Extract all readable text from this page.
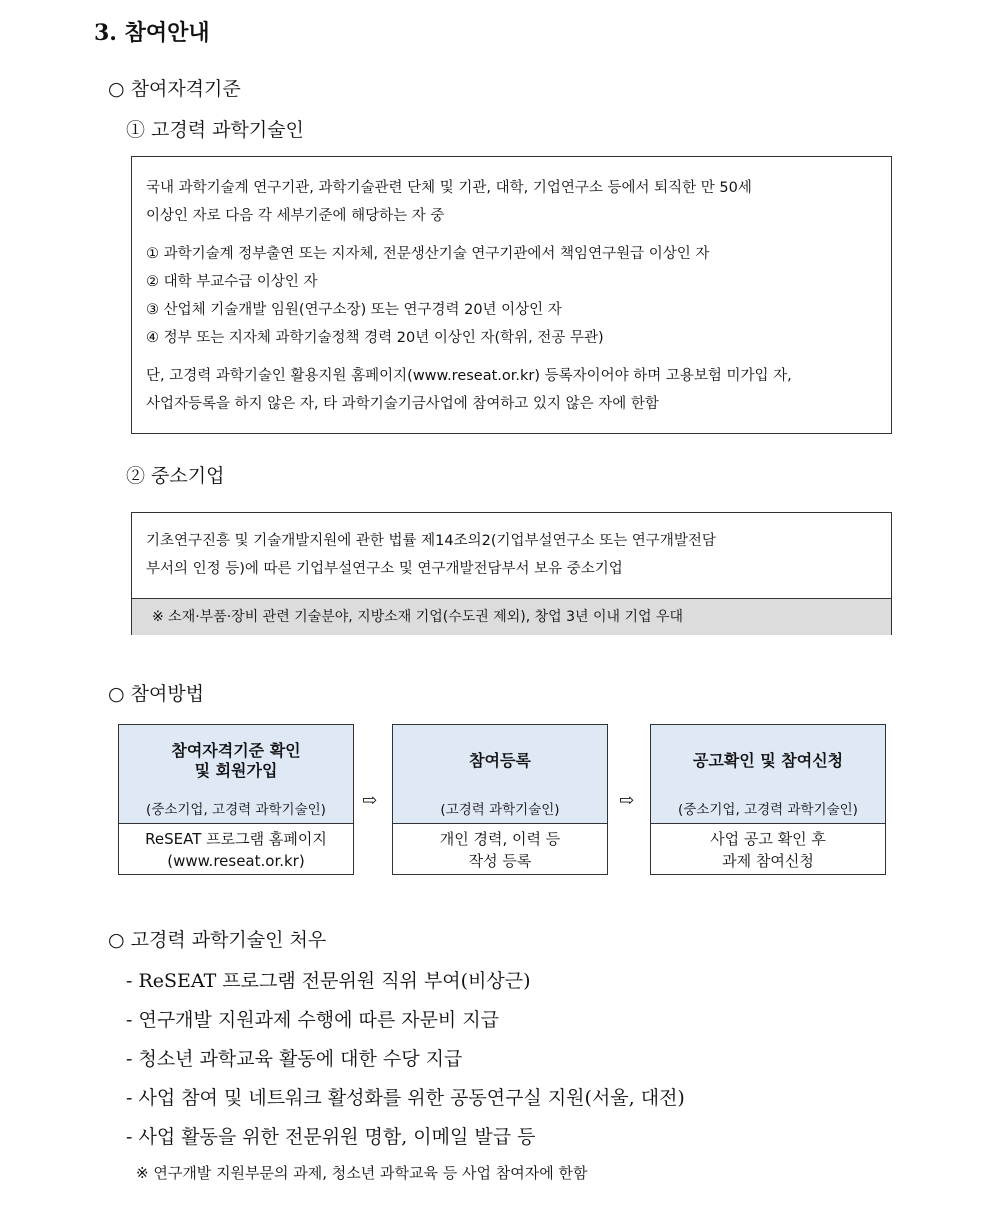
3. 참여안내
○ 참여자격기준
① 고경력 과학기술인
국내 과학기술계 연구기관, 과학기술관련 단체 및 기관, 대학, 기업연구소 등에서 퇴직한 만 50세
이상인 자로 다음 각 세부기준에 해당하는 자 중
① 과학기술계 정부출연 또는 지자체, 전문생산기술 연구기관에서 책임연구원급 이상인 자
② 대학 부교수급 이상인 자
③ 산업체 기술개발 임원(연구소장) 또는 연구경력 20년 이상인 자
④ 정부 또는 지자체 과학기술정책 경력 20년 이상인 자(학위, 전공 무관)
단, 고경력 과학기술인 활용지원 홈페이지(www.reseat.or.kr) 등록자이어야 하며 고용보험 미가입 자,
사업자등록을 하지 않은 자, 타 과학기술기금사업에 참여하고 있지 않은 자에 한함
② 중소기업
기초연구진흥 및 기술개발지원에 관한 법률 제14조의2(기업부설연구소 또는 연구개발전담
부서의 인정 등)에 따른 기업부설연구소 및 연구개발전담부서 보유 중소기업
※ 소재·부품·장비 관련 기술분야, 지방소재 기업(수도권 제외), 창업 3년 이내 기업 우대
○ 참여방법
참여자격기준 확인
및 회원가입
(중소기업, 고경력 과학기술인)
ReSEAT 프로그램 홈페이지
(www.reseat.or.kr)
⇨
참여등록
(고경력 과학기술인)
개인 경력, 이력 등
작성 등록
⇨
공고확인 및 참여신청
(중소기업, 고경력 과학기술인)
사업 공고 확인 후
과제 참여신청
○ 고경력 과학기술인 처우
- ReSEAT 프로그램 전문위원 직위 부여(비상근)
- 연구개발 지원과제 수행에 따른 자문비 지급
- 청소년 과학교육 활동에 대한 수당 지급
- 사업 참여 및 네트워크 활성화를 위한 공동연구실 지원(서울, 대전)
- 사업 활동을 위한 전문위원 명함, 이메일 발급 등
※ 연구개발 지원부문의 과제, 청소년 과학교육 등 사업 참여자에 한함
